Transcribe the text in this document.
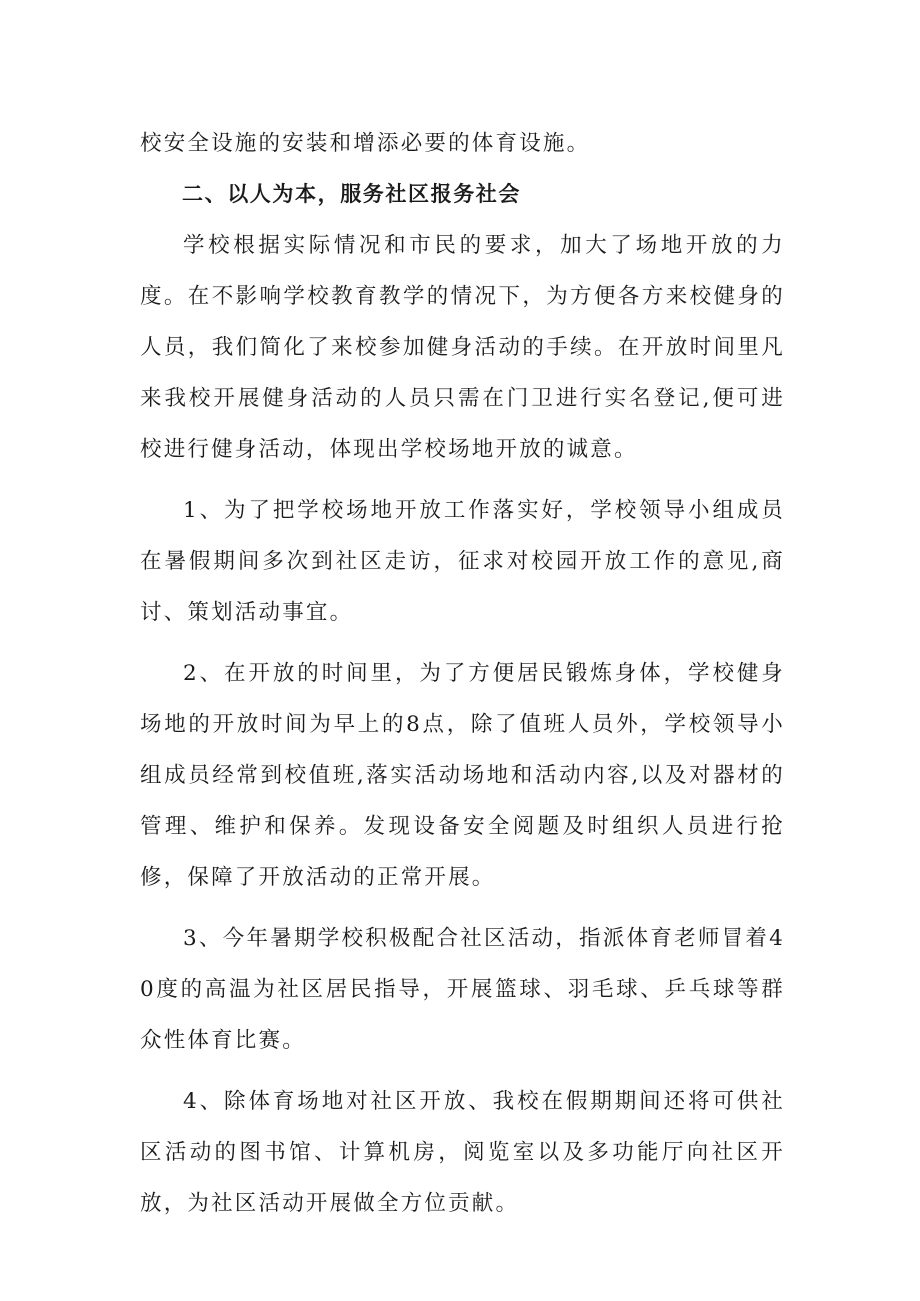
校安全设施的安装和增添必要的体育设施。

二、以人为本，服务社区报务社会

学校根据实际情况和市民的要求，加大了场地开放的力度。在不影响学校教育教学的情况下，为方便各方来校健身的人员，我们简化了来校参加健身活动的手续。在开放时间里凡来我校开展健身活动的人员只需在门卫进行实名登记,便可进校进行健身活动，体现出学校场地开放的诚意。

1、为了把学校场地开放工作落实好，学校领导小组成员在暑假期间多次到社区走访，征求对校园开放工作的意见,商讨、策划活动事宜。

2、在开放的时间里，为了方便居民锻炼身体，学校健身场地的开放时间为早上的8点，除了值班人员外，学校领导小组成员经常到校值班,落实活动场地和活动内容,以及对器材的管理、维护和保养。发现设备安全阅题及时组织人员进行抢修，保障了开放活动的正常开展。

3、今年暑期学校积极配合社区活动，指派体育老师冒着40度的高温为社区居民指导，开展篮球、羽毛球、乒乓球等群众性体育比赛。

4、除体育场地对社区开放、我校在假期期间还将可供社区活动的图书馆、计算机房，阅览室以及多功能厅向社区开放，为社区活动开展做全方位贡献。
